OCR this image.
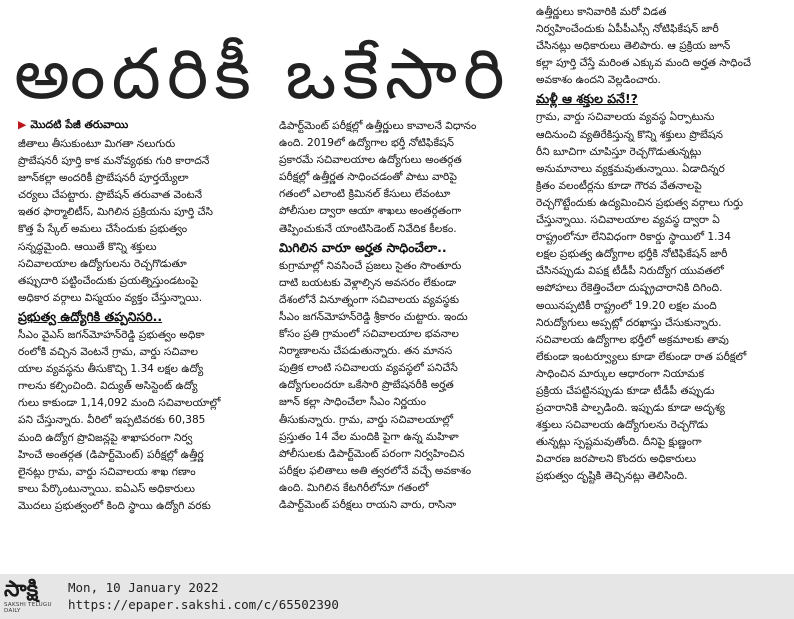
అందరికీ ఒకేసారి
▶ మొదటి పేజీ తరువాయి

జీతాలు తీసుకుంటూ మిగతా నలుగురు

ప్రొబేషనరీ పూర్తి కాక మనోవ్యథకు గురి కారాదనే

జూన్‌కల్లా అందరికీ ప్రొబేషనరీ పూర్తయ్యేలా

చర్యలు చేపట్టారు. ప్రొబేషన్ తరువాత వెంటనే

ఇతర ఫార్మాలిటీస్, మిగిలిన ప్రక్రియను పూర్తి చేసి

కొత్త పే స్కేల్ అమలు చేసేందుకు ప్రభుత్వం

సన్నద్ధమైంది. ఆయితే కొన్ని శక్తులు

సచివాలయాల ఉద్యోగులను రెచ్చగొడుతూ

తప్పుదారి పట్టించేందుకు ప్రయత్నిస్తుండటంపై

అధికార వర్గాలు విస్మయం వ్యక్తం చేస్తున్నాయి.

ప్రభుత్వ ఉద్యోగికి తప్పనిసరి..

సీఎం వైఎస్ జగన్‌మోహన్‌రెడ్డి ప్రభుత్వం అధికా

రంలోకి వచ్చిన వెంటనే గ్రామ, వార్డు సచివాల

యాల వ్యవస్థను తీసుకొచ్చి 1.34 లక్షల ఉద్యో

గాలను కల్పించింది. విద్యుత్ అసిస్టెంట్ ఉద్యో

గులు కాకుండా 1,14,092 మంది సచివాలయాల్లో

పని చేస్తున్నారు. వీరిలో ఇప్పటివరకు 60,385

మంది ఉద్యోగ ప్రొవిజన్లపై శాఖాపరంగా నిర్వ

హించే అంతర్గత (డిపార్ట్‌మెంట్) పరీక్షల్లో ఉత్తీర్ణ

లైనట్లు గ్రామ, వార్డు సచివాలయ శాఖ గణాం

కాలు పేర్కొంటున్నాయి. ఐఏఎస్ అధికారులు

మొదలు ప్రభుత్వంలో కింది స్థాయి ఉద్యోగి వరకు

డిపార్ట్‌మెంట్ పరీక్షల్లో ఉత్తీర్ణులు కావాలనే విధానం

ఉంది. 2019లో ఉద్యోగాల భర్తీ నోటిఫికేషన్

ప్రకారమే సచివాలయాల ఉద్యోగులు అంతర్గత

పరీక్షల్లో ఉత్తీర్ణత సాధించడంతో పాటు వారిపై

గతంలో ఎలాంటి క్రిమినల్ కేసులు లేవంటూ

పోలీసుల ద్వారా ఆయా శాఖలు అంతర్గతంగా

తెప్పించుకునే యాంటిసిడెంట్ నివేదిక కీలకం.

మిగిలిన వారూ అర్హత సాధించేలా..

కుగ్రామాల్లో నివసించే ప్రజలు సైతం సొంతూరు

దాటి బయటకు వెళ్లాల్సిన అవసరం లేకుండా

దేశంలోనే వినూత్నంగా సచివాలయ వ్యవస్థకు

సీఎం జగన్‌మోహన్‌రెడ్డి శ్రీకారం చుట్టారు. ఇందు

కోసం ప్రతి గ్రామంలో సచివాలయాల భవనాల

నిర్మాణాలను చేపడుతున్నారు. తన మానస

పుత్రిక లాంటి సచివాలయ వ్యవస్థలో పనిచేసే

ఉద్యోగులందరూ ఒకేసారి ప్రొబేషనరీకి అర్హత

జూన్ కల్లా సాధించేలా సీఎం నిర్ణయం

తీసుకున్నారు. గ్రామ, వార్డు సచివాలయాల్లో

ప్రస్తుతం 14 వేల మందికి పైగా ఉన్న మహిళా

పోలీసులకు డిపార్ట్‌మెంట్ పరంగా నిర్వహించిన

పరీక్షల ఫలితాలు అతి త్వరలోనే వచ్చే అవకాశం

ఉంది. మిగిలిన కేటగిరీలోనూ గతంలో

డిపార్ట్‌మెంట్ పరీక్షలు రాయని వారు, రాసినా

ఉత్తీర్ణులు కానివారికి మరో విడత

నిర్వహించేందుకు ఏపీపీఎస్సీ నోటిఫికేషన్ జారీ

చేసినట్లు అధికారులు తెలిపారు. ఆ ప్రక్రియ జూన్

కల్లా పూర్తి చేస్తే మరింత ఎక్కువ మంది అర్హత సాధించే

అవకాశం ఉందని వెల్లడించారు.

మళ్లీ ఆ శక్తుల పనే!?

గ్రామ, వార్డు సచివాలయ వ్యవస్థ ఏర్పాటును

ఆదినుంచి వ్యతిరేకిస్తున్న కొన్ని శక్తులు ప్రొబేషన

రీని బూచిగా చూపిస్తూ రెచ్చగొడుతున్నట్లు

అనుమానాలు వ్యక్తమవుతున్నాయి. ఏడాదిన్నర

క్రితం వలంటీర్లను కూడా గౌరవ వేతనాలపై

రెచ్చగొట్టేందుకు ఉద్యమించిన ప్రభుత్వ వర్గాలు గుర్తు

చేస్తున్నాయి. సచివాలయాల వ్యవస్థ ద్వారా ఏ

రాష్ట్రంలోనూ లేనివిధంగా రికార్డు స్థాయిలో 1.34

లక్షల ప్రభుత్వ ఉద్యోగాల భర్తీకి నోటిఫికేషన్ జారీ

చేసినప్పుడు విపక్ష టీడీపీ నిరుద్యోగ యువతలో

అపోహలు రేకెత్తించేలా దుష్ప్రచారానికి దిగింది.

అయినప్పటికీ రాష్ట్రంలో 19.20 లక్షల మంది

నిరుద్యోగులు అప్పట్లో దరఖాస్తు చేసుకున్నారు.

సచివాలయ ఉద్యోగాల భర్తీలో అక్రమాలకు తావు

లేకుండా ఇంటర్వ్యూలు కూడా లేకుండా రాత పరీక్షలో

సాధించిన మార్కుల ఆధారంగా నియామక

ప్రక్రియ చేపట్టినప్పుడు కూడా టీడీపీ తప్పుడు

ప్రచారానికి పాల్పడింది. ఇప్పుడు కూడా అదృశ్య

శక్తులు సచివాలయ ఉద్యోగులను రెచ్చగొడు

తున్నట్లు స్పష్టమవుతోంది. దీనిపై క్షుణ్ణంగా

విచారణ జరపాలని కొందరు అధికారులు

ప్రభుత్వం దృష్టికి తెచ్చినట్లు తెలిసింది.

సాక్షి
SAKSHI TELUGU DAILY
Mon, 10 January 2022
https://epaper.sakshi.com/c/65502390
